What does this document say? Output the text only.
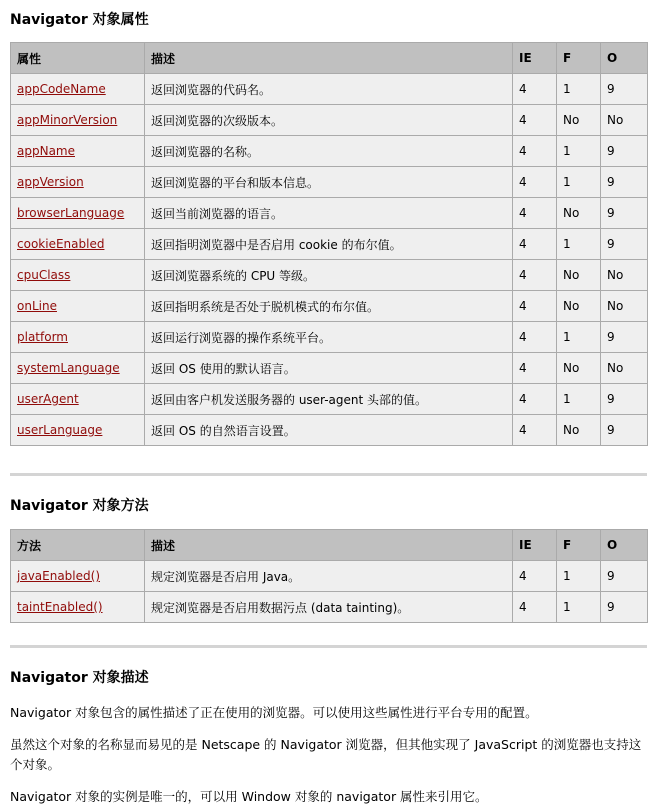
Navigator 对象属性
属性	描述	IE	F	O
appCodeName	返回浏览器的代码名。	4	1	9
appMinorVersion	返回浏览器的次级版本。	4	No	No
appName	返回浏览器的名称。	4	1	9
appVersion	返回浏览器的平台和版本信息。	4	1	9
browserLanguage	返回当前浏览器的语言。	4	No	9
cookieEnabled	返回指明浏览器中是否启用 cookie 的布尔值。	4	1	9
cpuClass	返回浏览器系统的 CPU 等级。	4	No	No
onLine	返回指明系统是否处于脱机模式的布尔值。	4	No	No
platform	返回运行浏览器的操作系统平台。	4	1	9
systemLanguage	返回 OS 使用的默认语言。	4	No	No
userAgent	返回由客户机发送服务器的 user-agent 头部的值。	4	1	9
userLanguage	返回 OS 的自然语言设置。	4	No	9
Navigator 对象方法
方法	描述	IE	F	O
javaEnabled()	规定浏览器是否启用 Java。	4	1	9
taintEnabled()	规定浏览器是否启用数据污点 (data tainting)。	4	1	9
Navigator 对象描述

Navigator 对象包含的属性描述了正在使用的浏览器。可以使用这些属性进行平台专用的配置。

虽然这个对象的名称显而易见的是 Netscape 的 Navigator 浏览器，但其他实现了 JavaScript 的浏览器也支持这个对象。

Navigator 对象的实例是唯一的，可以用 Window 对象的 navigator 属性来引用它。
